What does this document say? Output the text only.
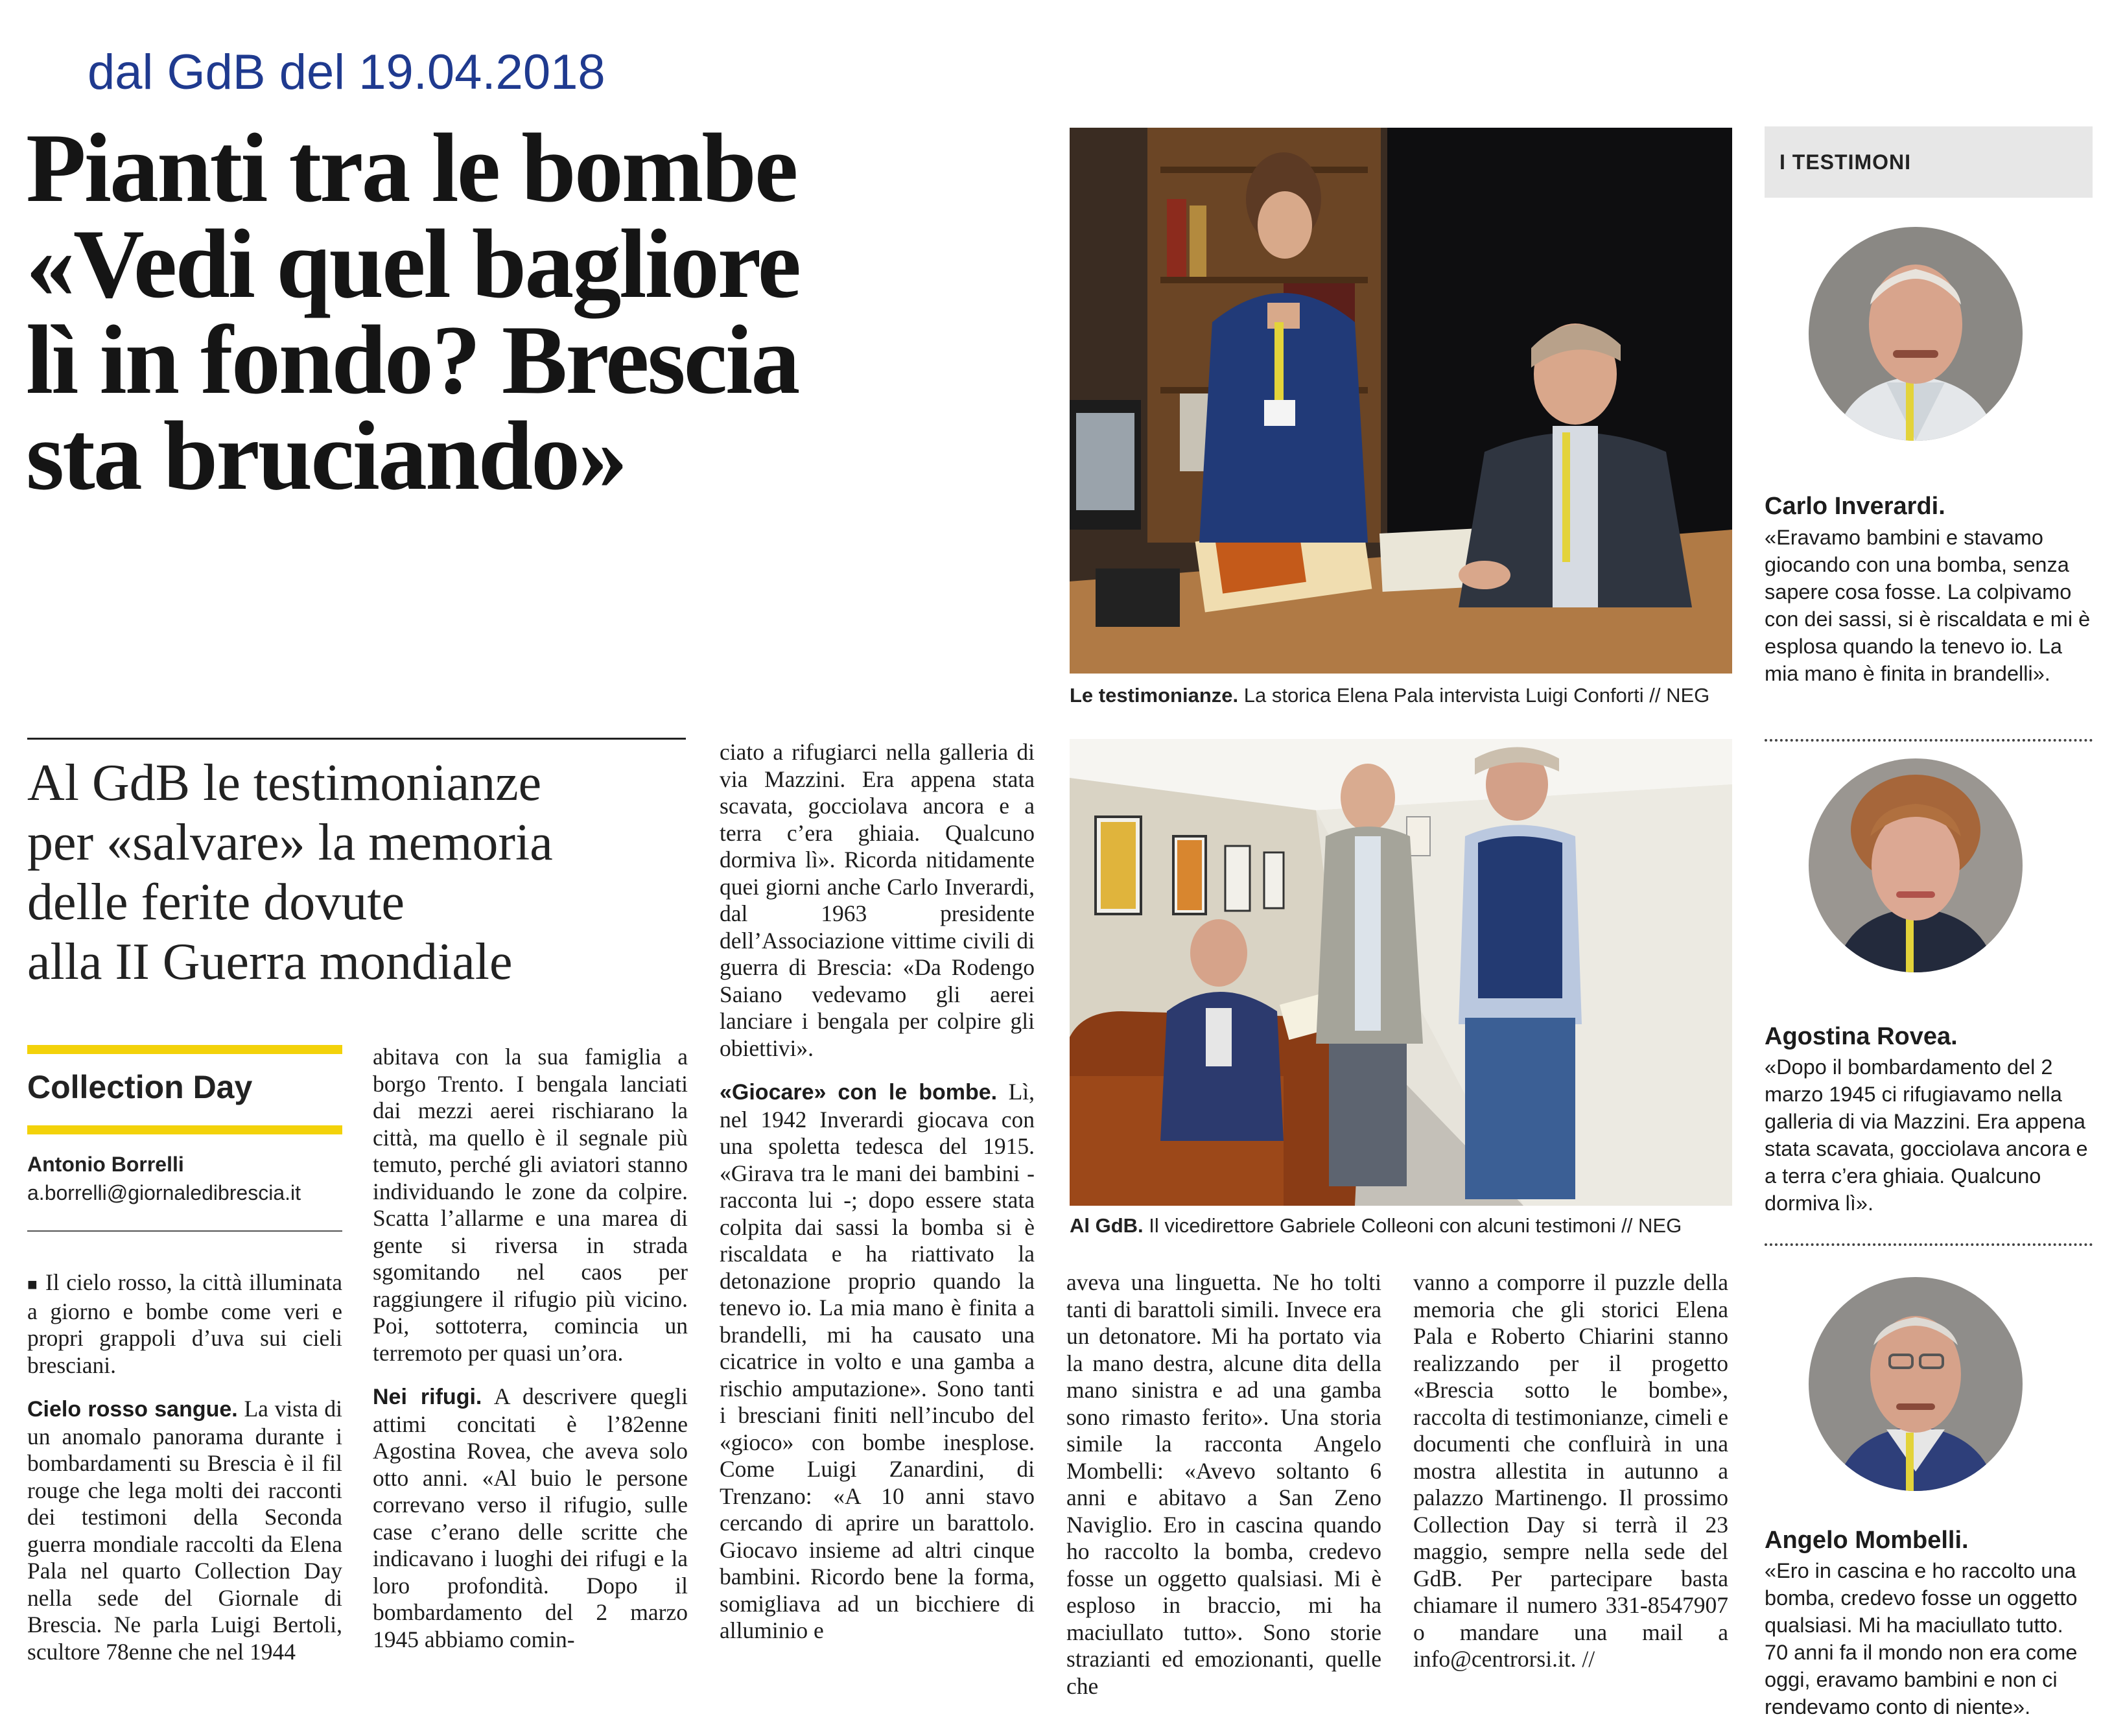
dal GdB del 19.04.2018
Pianti tra le bombe
«Vedi quel bagliore
lì in fondo? Brescia
sta bruciando»
Al GdB le testimonianze
per «salvare» la memoria
delle ferite dovute
alla II Guerra mondiale
Collection Day
Antonio Borrelli
a.borrelli@giornaledibrescia.it

■ Il cielo rosso, la città illuminata a giorno e bombe come veri e propri grappoli d’uva sui cieli bresciani.

Cielo rosso sangue. La vista di un anomalo panorama durante i bombardamenti su Brescia è il fil rouge che lega molti dei racconti dei testimoni della Seconda guerra mondiale raccolti da Elena Pala nel quarto Collection Day nella sede del Giornale di Brescia. Ne parla Luigi Bertoli, scultore 78enne che nel 1944

abitava con la sua famiglia a borgo Trento. I bengala lanciati dai mezzi aerei rischiarano la città, ma quello è il segnale più temuto, perché gli aviatori stanno individuando le zone da colpire. Scatta l’allarme e una marea di gente si riversa in strada sgomitando nel caos per raggiungere il rifugio più vicino. Poi, sottoterra, comincia un terremoto per quasi un’ora.

Nei rifugi. A descrivere quegli attimi concitati è l’82enne Agostina Rovea, che aveva solo otto anni. «Al buio le persone correvano verso il rifugio, sulle case c’erano delle scritte che indicavano i luoghi dei rifugi e la loro profondità. Dopo il bombardamento del 2 marzo 1945 abbiamo comin-

ciato a rifugiarci nella galleria di via Mazzini. Era appena stata scavata, gocciolava ancora e a terra c’era ghiaia. Qualcuno dormiva lì». Ricorda nitidamente quei giorni anche Carlo Inverardi, dal 1963 presidente dell’Associazione vittime civili di guerra di Brescia: «Da Rodengo Saiano vedevamo gli aerei lanciare i bengala per colpire gli obiettivi».

«Giocare» con le bombe. Lì, nel 1942 Inverardi giocava con una spoletta tedesca del 1915. «Girava tra le mani dei bambini - racconta lui -; dopo essere stata colpita dai sassi la bomba si è riscaldata e ha riattivato la detonazione proprio quando la tenevo io. La mia mano è finita a brandelli, mi ha causato una cicatrice in volto e una gamba a rischio amputazione». Sono tanti i bresciani finiti nell’incubo del «gioco» con bombe inesplose. Come Luigi Zanardini, di Trenzano: «A 10 anni stavo cercando di aprire un barattolo. Giocavo insieme ad altri cinque bambini. Ricordo bene la forma, somigliava ad un bicchiere di alluminio e

aveva una linguetta. Ne ho tolti tanti di barattoli simili. Invece era un detonatore. Mi ha portato via la mano destra, alcune dita della mano sinistra e ad una gamba sono rimasto ferito». Una storia simile la racconta Angelo Mombelli: «Avevo soltanto 6 anni e abitavo a San Zeno Naviglio. Ero in cascina quando ho raccolto la bomba, credevo fosse un oggetto qualsiasi. Mi è esploso in braccio, mi ha maciullato tutto». Sono storie strazianti ed emozionanti, quelle che

vanno a comporre il puzzle della memoria che gli storici Elena Pala e Roberto Chiarini stanno realizzando per il progetto «Brescia sotto le bombe», raccolta di testimonianze, cimeli e documenti che confluirà in una mostra allestita in autunno a palazzo Martinengo. Il prossimo Collection Day si terrà il 23 maggio, sempre nella sede del GdB. Per partecipare basta chiamare il numero 331-8547907 o mandare una mail a info@centrorsi.it. //

Le testimonianze. La storica Elena Pala intervista Luigi Conforti // NEG
Al GdB. Il vicedirettore Gabriele Colleoni con alcuni testimoni // NEG
I TESTIMONI
Carlo Inverardi.
«Eravamo bambini e stavamo
giocando con una bomba, senza
sapere cosa fosse. La colpivamo
con dei sassi, si è riscaldata e mi è
esplosa quando la tenevo io. La
mia mano è finita in brandelli».
Agostina Rovea.
«Dopo il bombardamento del 2
marzo 1945 ci rifugiavamo nella
galleria di via Mazzini. Era appena
stata scavata, gocciolava ancora e
a terra c’era ghiaia. Qualcuno
dormiva lì».
Angelo Mombelli.
«Ero in cascina e ho raccolto una
bomba, credevo fosse un oggetto
qualsiasi. Mi ha maciullato tutto.
70 anni fa il mondo non era come
oggi, eravamo bambini e non ci
rendevamo conto di niente».
